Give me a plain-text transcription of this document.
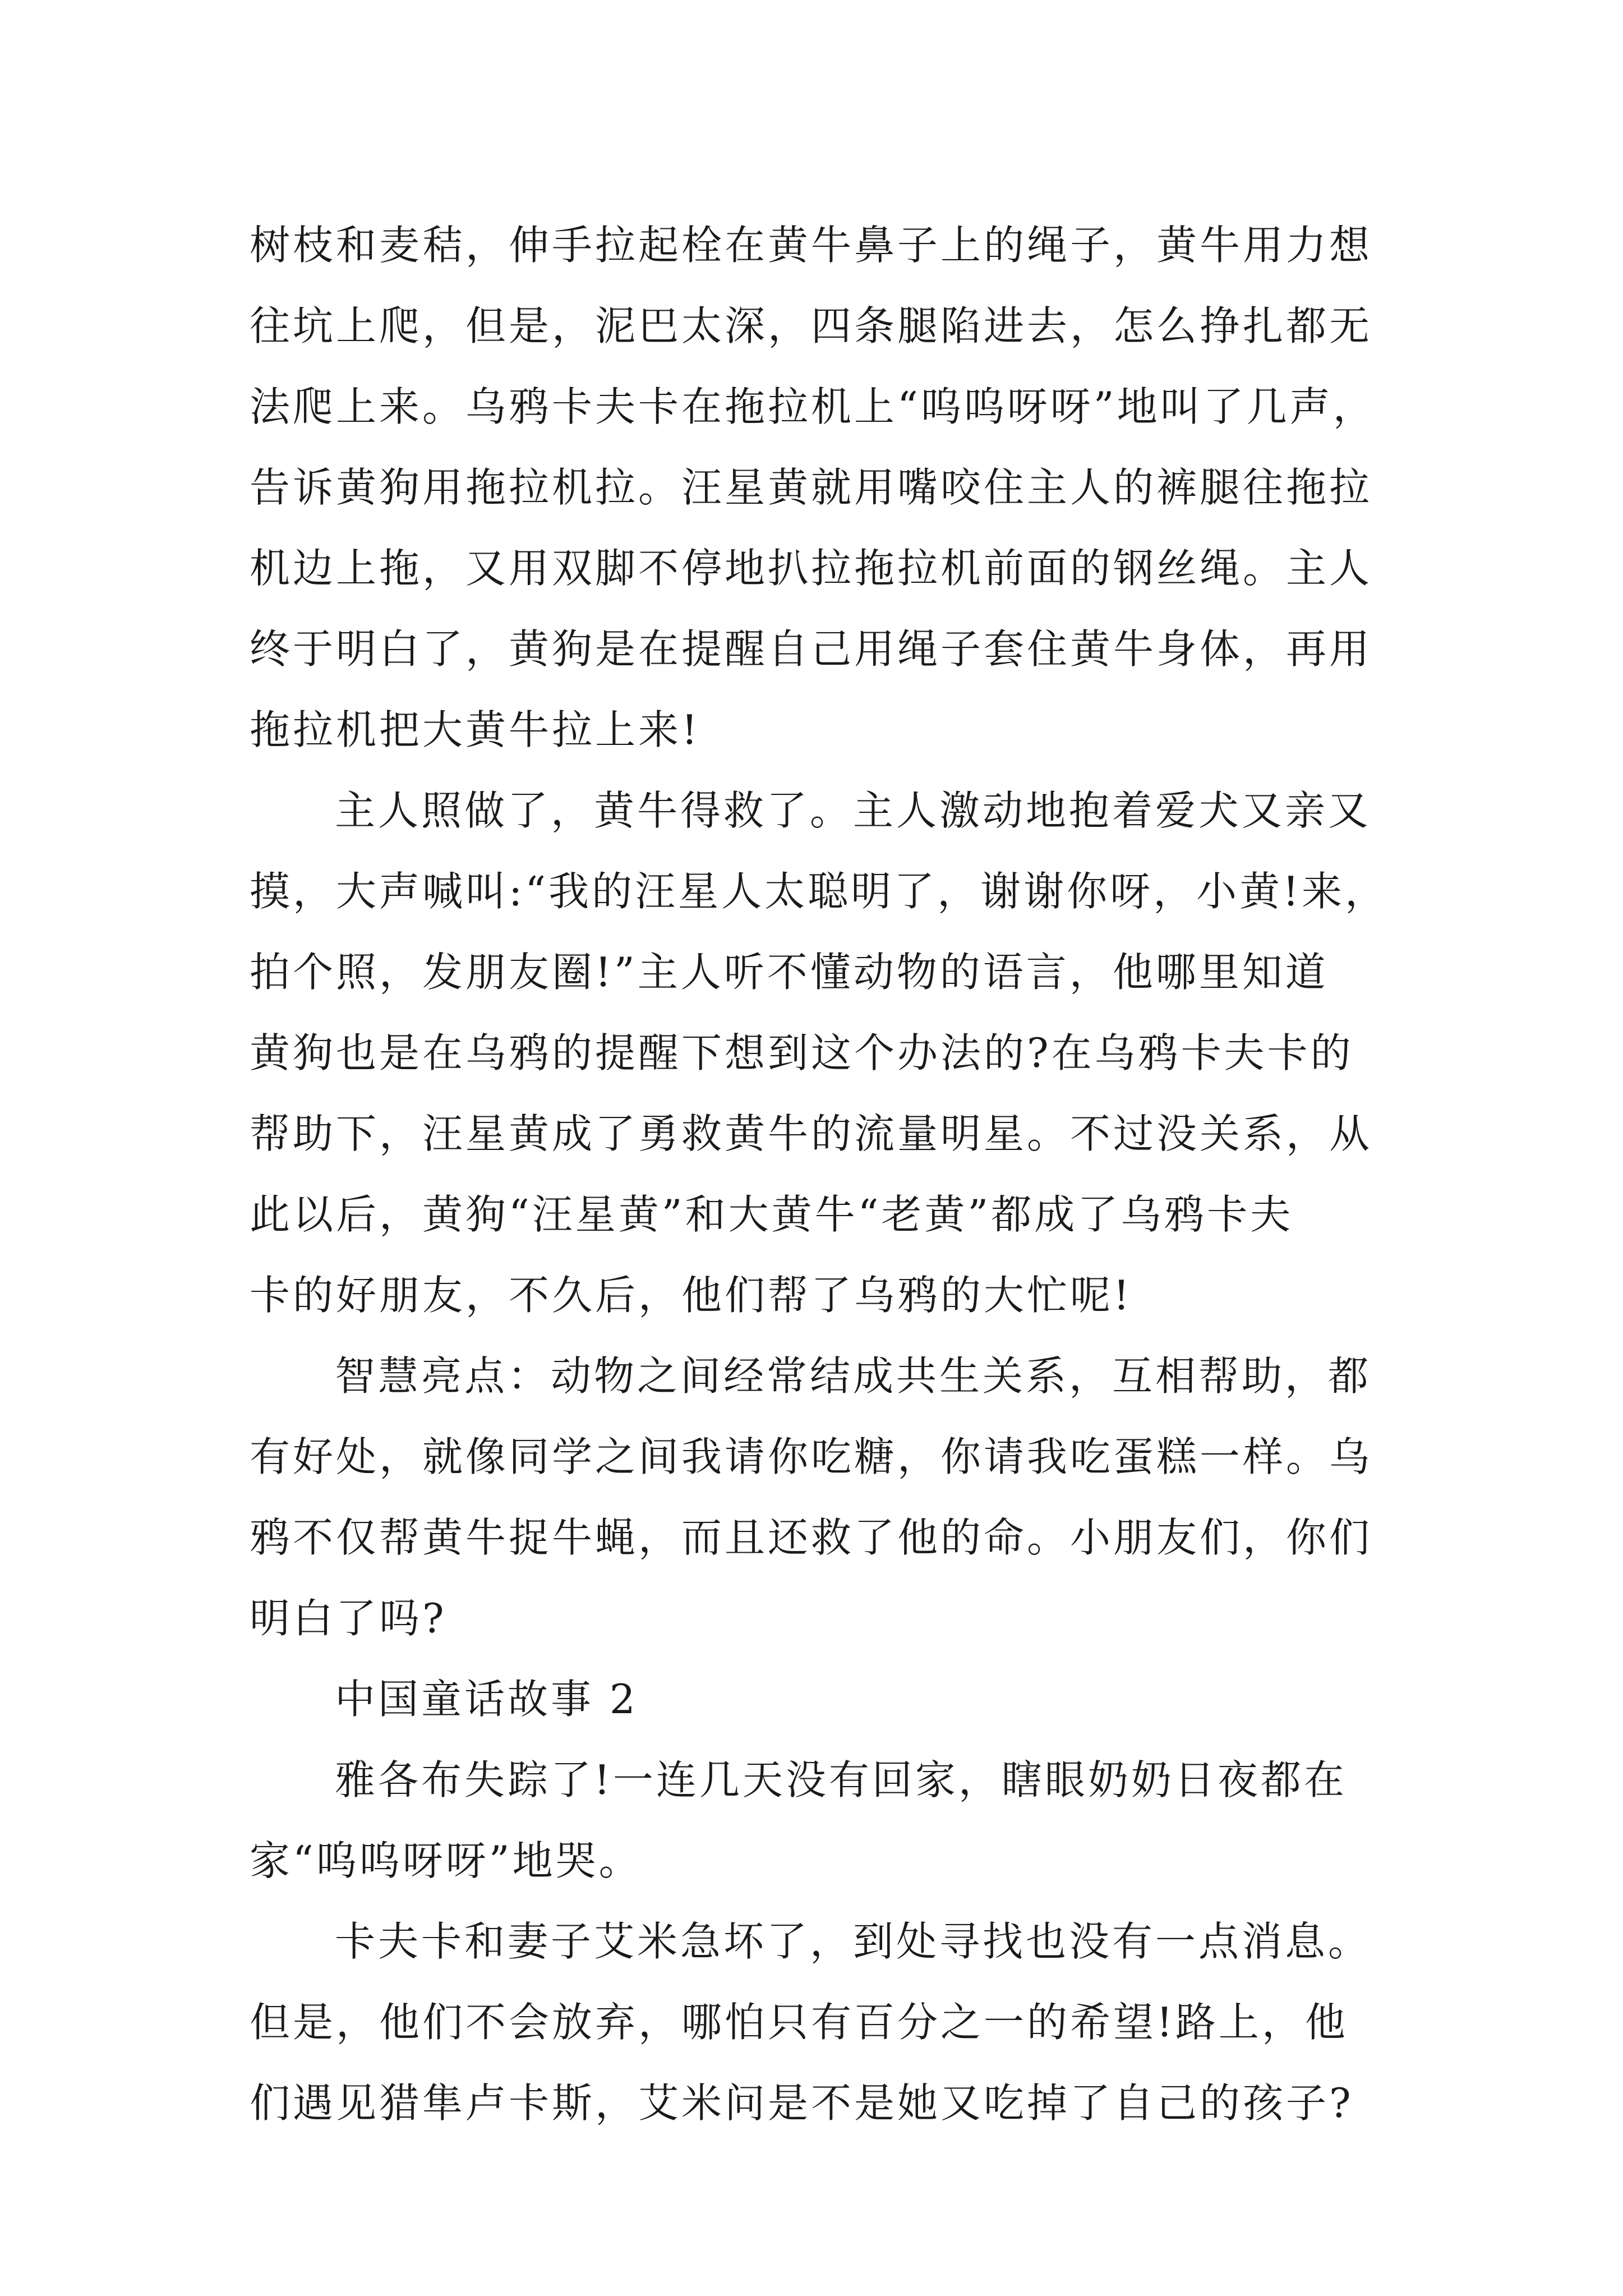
树枝和麦秸，伸手拉起栓在黄牛鼻子上的绳子，黄牛用力想
往坑上爬，但是，泥巴太深，四条腿陷进去，怎么挣扎都无
法爬上来。乌鸦卡夫卡在拖拉机上“呜呜呀呀”地叫了几声，
告诉黄狗用拖拉机拉。汪星黄就用嘴咬住主人的裤腿往拖拉
机边上拖，又用双脚不停地扒拉拖拉机前面的钢丝绳。主人
终于明白了，黄狗是在提醒自己用绳子套住黄牛身体，再用
拖拉机把大黄牛拉上来!
主人照做了，黄牛得救了。主人激动地抱着爱犬又亲又
摸，大声喊叫:“我的汪星人太聪明了，谢谢你呀，小黄!来，
拍个照，发朋友圈!”主人听不懂动物的语言，他哪里知道
黄狗也是在乌鸦的提醒下想到这个办法的?在乌鸦卡夫卡的
帮助下，汪星黄成了勇救黄牛的流量明星。不过没关系，从
此以后，黄狗“汪星黄”和大黄牛“老黄”都成了乌鸦卡夫
卡的好朋友，不久后，他们帮了乌鸦的大忙呢!
智慧亮点：动物之间经常结成共生关系，互相帮助，都
有好处，就像同学之间我请你吃糖，你请我吃蛋糕一样。乌
鸦不仅帮黄牛捉牛蝇，而且还救了他的命。小朋友们，你们
明白了吗?
中国童话故事 2
雅各布失踪了!一连几天没有回家，瞎眼奶奶日夜都在
家“呜呜呀呀”地哭。
卡夫卡和妻子艾米急坏了，到处寻找也没有一点消息。
但是，他们不会放弃，哪怕只有百分之一的希望!路上，他
们遇见猎隼卢卡斯，艾米问是不是她又吃掉了自己的孩子?
